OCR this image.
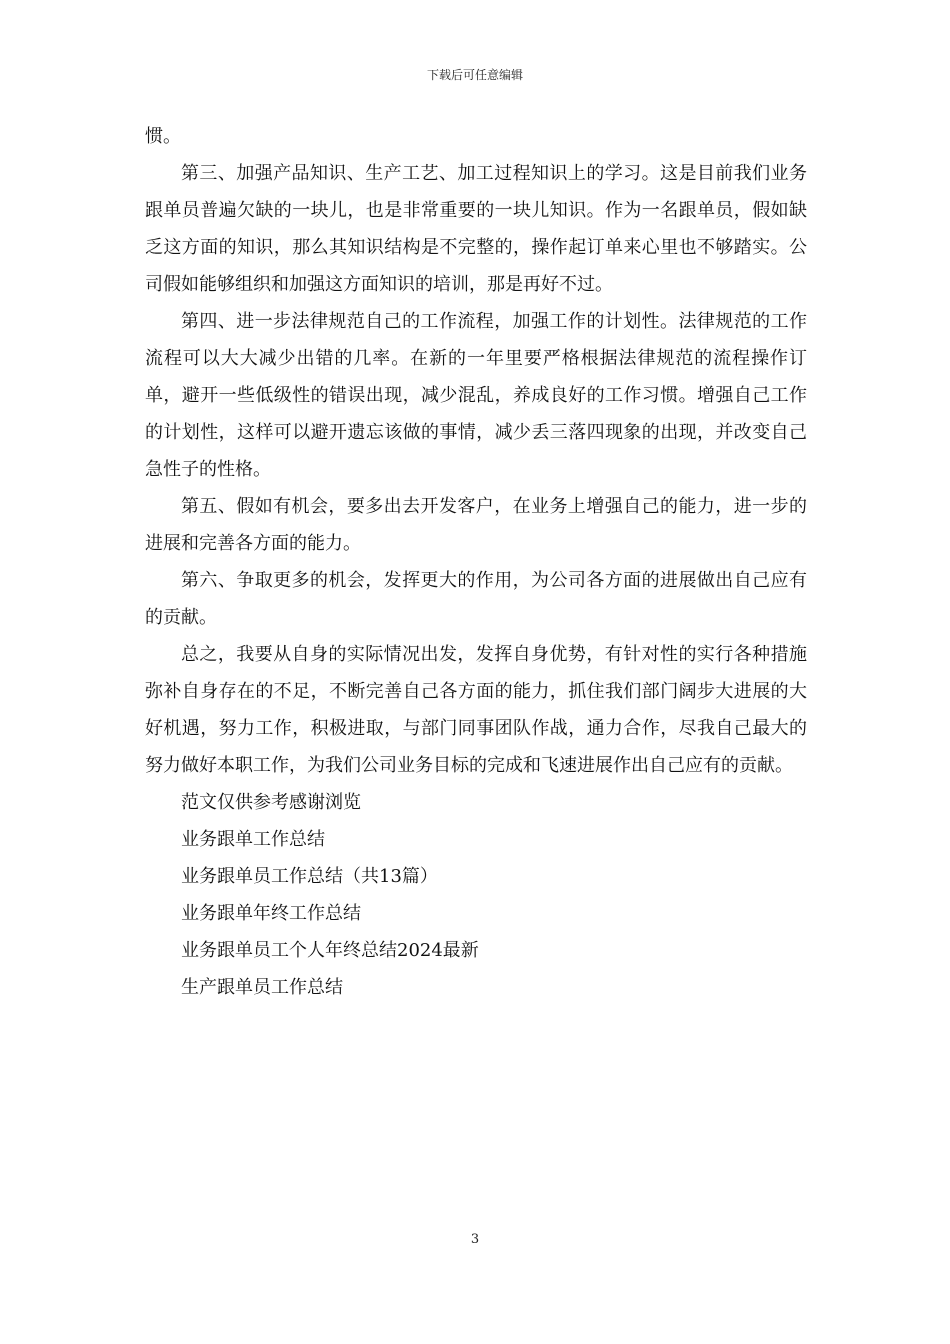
下载后可任意编辑

惯。

第三、加强产品知识、生产工艺、加工过程知识上的学习。这是目前我们业务跟单员普遍欠缺的一块儿，也是非常重要的一块儿知识。作为一名跟单员，假如缺乏这方面的知识，那么其知识结构是不完整的，操作起订单来心里也不够踏实。公司假如能够组织和加强这方面知识的培训，那是再好不过。

第四、进一步法律规范自己的工作流程，加强工作的计划性。法律规范的工作流程可以大大减少出错的几率。在新的一年里要严格根据法律规范的流程操作订单，避开一些低级性的错误出现，减少混乱，养成良好的工作习惯。增强自己工作的计划性，这样可以避开遗忘该做的事情，减少丢三落四现象的出现，并改变自己急性子的性格。

第五、假如有机会，要多出去开发客户，在业务上增强自己的能力，进一步的进展和完善各方面的能力。

第六、争取更多的机会，发挥更大的作用，为公司各方面的进展做出自己应有的贡献。

总之，我要从自身的实际情况出发，发挥自身优势，有针对性的实行各种措施弥补自身存在的不足，不断完善自己各方面的能力，抓住我们部门阔步大进展的大好机遇，努力工作，积极进取，与部门同事团队作战，通力合作，尽我自己最大的努力做好本职工作，为我们公司业务目标的完成和飞速进展作出自己应有的贡献。

范文仅供参考感谢浏览

业务跟单工作总结

业务跟单员工作总结（共13篇）

业务跟单年终工作总结

业务跟单员工个人年终总结2024最新

生产跟单员工作总结

3
